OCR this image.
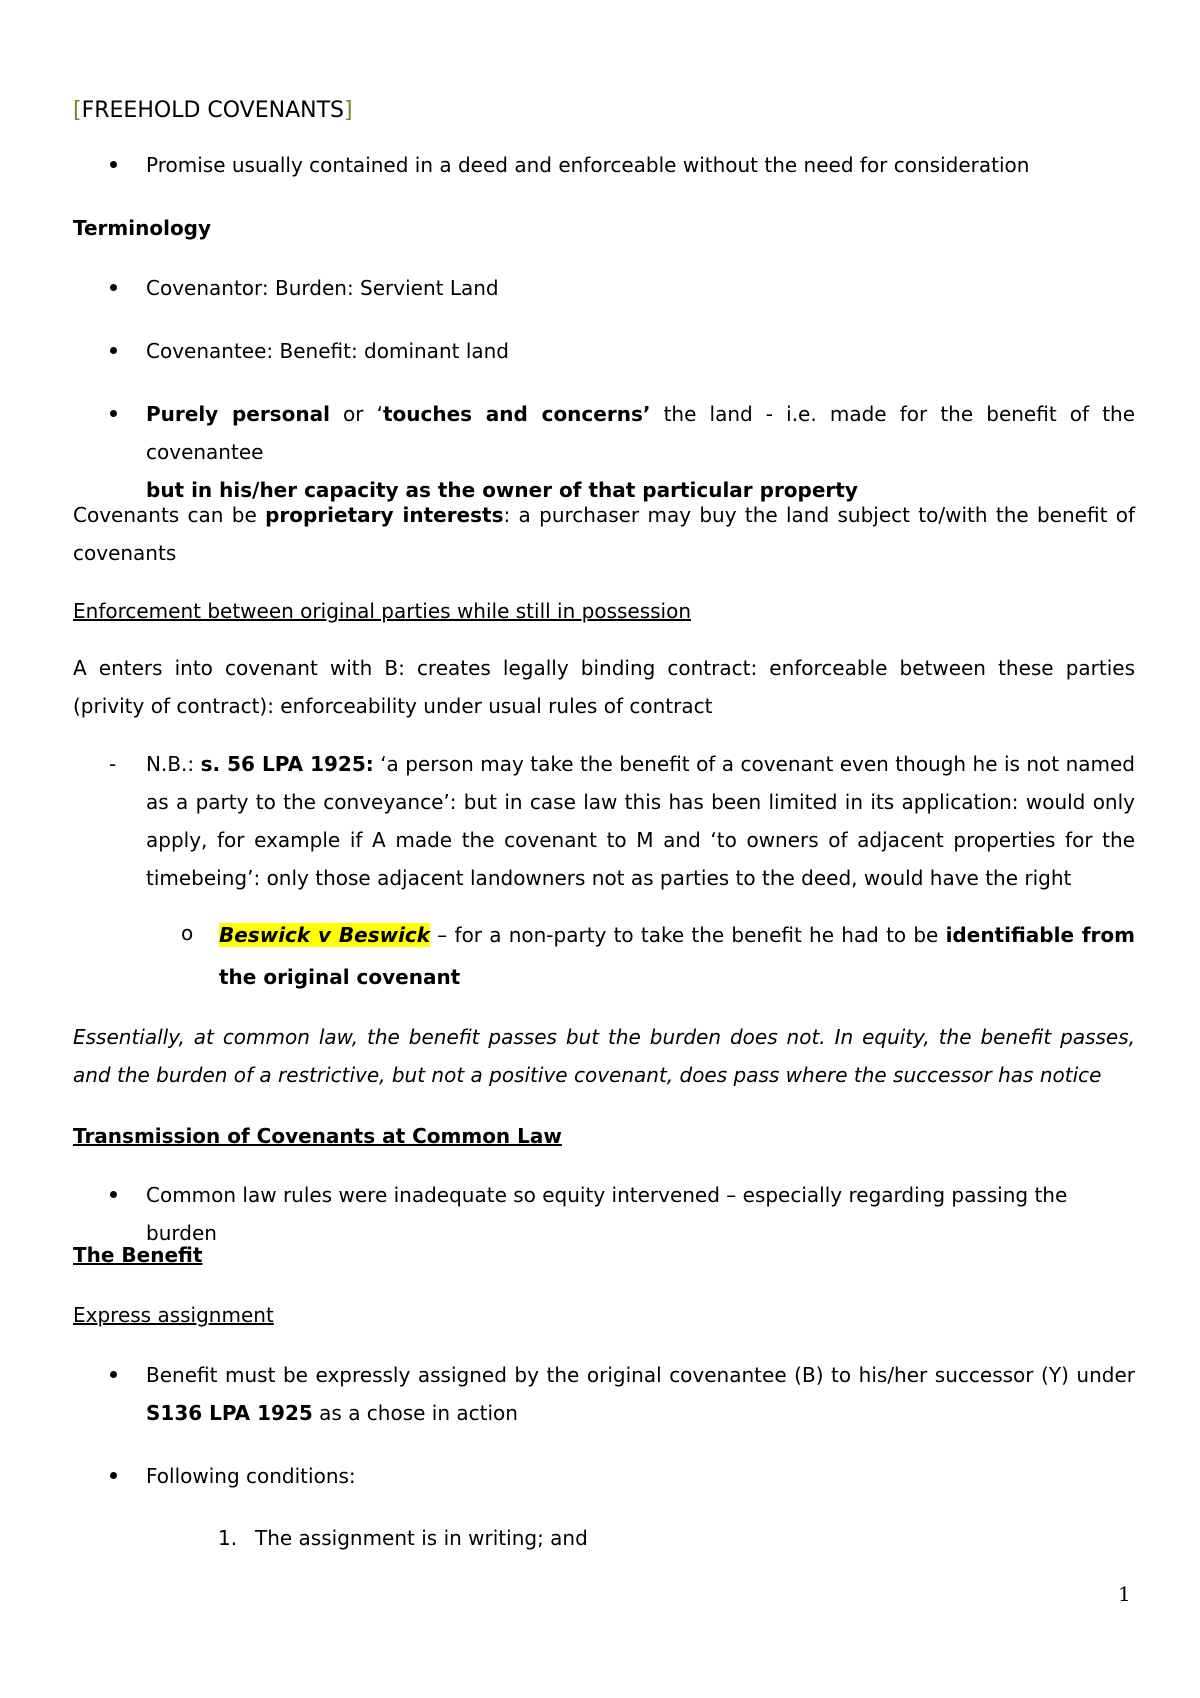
[FREEHOLD COVENANTS]
Promise usually contained in a deed and enforceable without the need for consideration
Terminology
Covenantor: Burden: Servient Land
Covenantee: Benefit: dominant land
Purely personal or ‘touches and concerns’ the land - i.e. made for the benefit of the covenantee
but in his/her capacity as the owner of that particular property
Covenants can be proprietary interests: a purchaser may buy the land subject to/with the benefit of
covenants
Enforcement between original parties while still in possession
A enters into covenant with B: creates legally binding contract: enforceable between these parties (privity of contract): enforceability under usual rules of contract
- N.B.: s. 56 LPA 1925: ‘a person may take the benefit of a covenant even though he is not named as a party to the conveyance’: but in case law this has been limited in its application: would only apply, for example if A made the covenant to M and ‘to owners of adjacent properties for the timebeing’: only those adjacent landowners not as parties to the deed, would have the right
o Beswick v Beswick – for a non-party to take the benefit he had to be identifiable from the original covenant
Essentially, at common law, the benefit passes but the burden does not. In equity, the benefit passes, and the burden of a restrictive, but not a positive covenant, does pass where the successor has notice
Transmission of Covenants at Common Law
Common law rules were inadequate so equity intervened – especially regarding passing the burden
The Benefit
Express assignment
Benefit must be expressly assigned by the original covenantee (B) to his/her successor (Y) under
S136 LPA 1925 as a chose in action
Following conditions:
1. The assignment is in writing; and
1
